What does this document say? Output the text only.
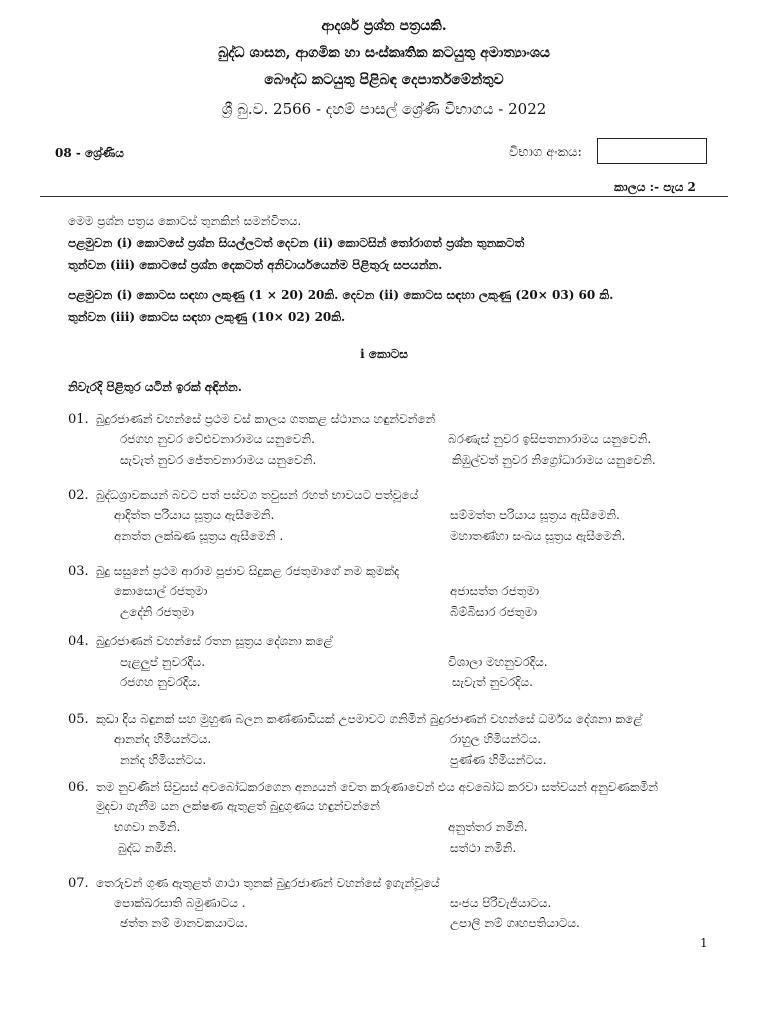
ආදර්ශ ප්‍රශ්න පත්‍රයකි.
බුද්ධ ශාසන, ආගමික හා සංස්කෘතික කටයුතු අමාත්‍යාංශය
බෞද්ධ කටයුතු පිළිබඳ දෙපාර්තමේන්තුව
ශ්‍රී බු.ව. 2566 - දහම් පාසල් ශ්‍රේණි විභාගය - 2022
08 - ශ්‍රේණිය	විභාග අංකය:
කාලය :- පැය 2
මෙම ප්‍රශ්න පත්‍රය කොටස් තුනකින් සමන්විතය.
පළමුවන (i) කොටසේ ප්‍රශ්න සියල්ලටත් දෙවන (ii) කොටසින් තෝරාගත් ප්‍රශ්න තුනකටත්
තුන්වන (iii) කොටසේ ප්‍රශ්න දෙකටත් අනිවාර්යයෙන්ම පිළිතුරු සපයන්න.
පළමුවන (i) කොටස සඳහා ලකුණු (1 × 20) 20කි. දෙවන (ii) කොටස සඳහා ලකුණු (20× 03) 60 කි.
තුන්වන (iii) කොටස සඳහා ලකුණු (10× 02) 20කි.
i කොටස
නිවැරදි පිළිතුර යටින් ඉරක් අඳින්න.
01. බුදුරජාණන් වහන්සේ ප්‍රථම වස් කාලය ගතකළ ස්ථානය හඳුන්වන්නේ
රජගහ නුවර වේළුවනාරාමය යනුවෙනි.	බරණැස් නුවර ඉසිපතනාරාමය යනුවෙනි.
සැවැත් නුවර ජේතවනාරාමය යනුවෙනි.	කිඹුල්වත් නුවර නිග්‍රෝධාරාමය යනුවෙනි.
02. බුද්ධශ්‍රාවකයන් බවට පත් පස්වග තවුසන් රහත් භාවයට පත්වූයේ
ආදිත්ත පරියාය සූත්‍රය ඇසීමෙනි.	සම්මත්ත පරියාය සූත්‍රය ඇසීමෙනි.
අනත්ත ලක්ඛණ සූත්‍රය ඇසීමෙනි .	මහාතණ්හා සංඛය සූත්‍රය ඇසීමෙනි.
03. බුදු සසුනේ ප්‍රථම ආරාම පූජාව සිදුකළ රජතුමාගේ නම කුමක්ද
කොසොල් රජතුමා	අජාසත්ත රජතුමා
උදේනි රජතුමා	බිම්බිසාර රජතුමා
04. බුදුරජාණන් වහන්සේ රතන සූත්‍රය දේශනා කළේ
පැළලුප් නුවරදිය.	විශාලා මහනුවරදිය.
රජගහ නුවරදිය.	සැවැත් නුවරදිය.
05. කුඩා දිය බඳුනක් සහ මුහුණ බලන කණ්ණාඩියක් උපමාවට ගනිමින් බුදුරජාණන් වහන්සේ ධර්මය දේශනා කළේ
ආනන්ද හිමියන්ටය.	රාහුල හිමියන්ටය.
නන්ද හිමියන්ටය.	පුණ්ණ හිමියන්ටය.
06. තම නුවණින් සිවුසස් අවබෝධකරගෙන අන්‍යයන් වෙත කරුණාවෙන් එය අවබෝධ කරවා සත්වයන් අනුවණකමින්
මුදවා ගැනීම යන ලක්ෂණ ඇතුළත් බුදුගුණය හඳුන්වන්නේ
භගවා නමිනි.	අනුත්තර නමිනි.
බුද්ධ නමිනි.	සත්ථා නමිනි.
07. තෙරුවන් ගුණ ඇතුළත් ගාථා තුනක් බුදුරජාණන් වහන්සේ ඉගැන්වූයේ
පොක්ඛරසාති බමුණාටය .	සංජය පිරිවැජියාටය.
ඡත්ත නම් මානවකයාටය.	උපාලි නම් ගෘහපතියාටය.
1
